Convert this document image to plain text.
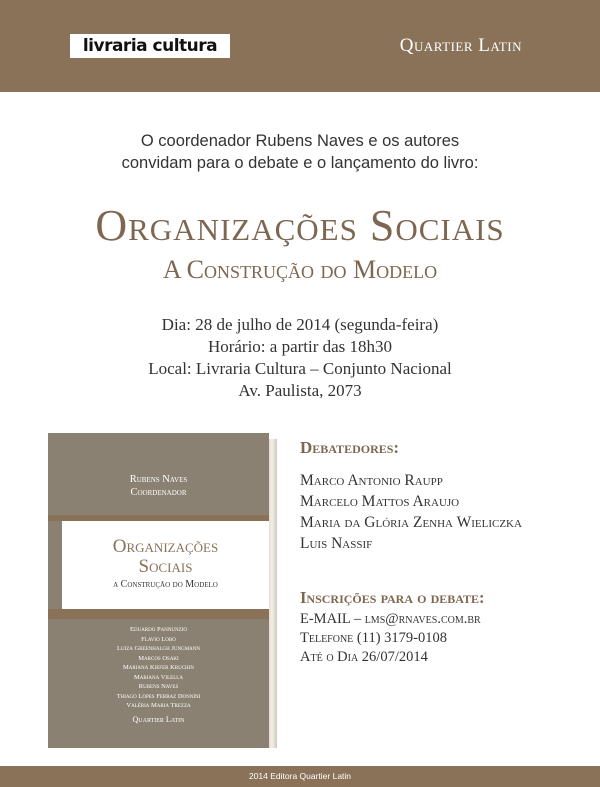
livraria cultura	Quartier Latin
O coordenador Rubens Naves e os autores
convidam para o debate e o lançamento do livro:
Organizações Sociais
A Construção do Modelo
Dia: 28 de julho de 2014 (segunda-feira)
Horário: a partir das 18h30
Local: Livraria Cultura – Conjunto Nacional
Av. Paulista, 2073
Rubens Naves
Coordenador
Organizações
Sociais
a Construção do Modelo
Eduardo Pannunzio
Flavio Lobo
Luiza Greenhalgh Jungmann
Marcos Osaki
Mariana Kiefer Kruchin
Mariana Vilella
Rubens Naves
Thiago Lopes Ferraz Donnini
Valéria Maria Trezza
Quartier Latin
Debatedores:
Marco Antonio Raupp
Marcelo Mattos Araujo
Maria da Glória Zenha Wieliczka
Luis Nassif
Inscrições para o debate:
E-MAIL – lms@rnaves.com.br
Telefone (11) 3179-0108
Até o Dia 26/07/2014
2014 Editora Quartier Latin
